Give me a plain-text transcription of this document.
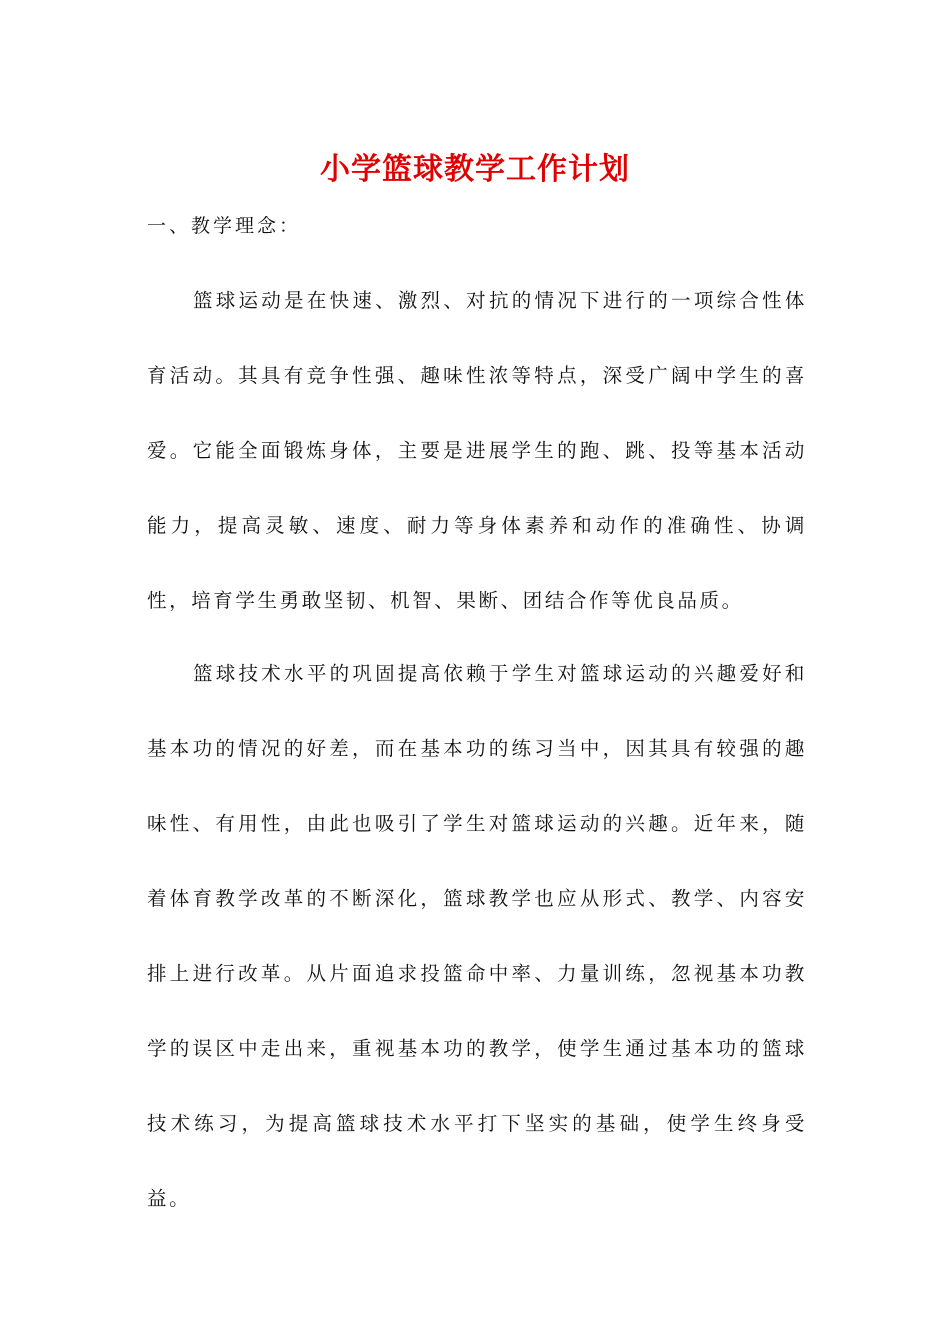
小学篮球教学工作计划

一、教学理念：

篮球运动是在快速、激烈、对抗的情况下进行的一项综合性体育活动。其具有竞争性强、趣味性浓等特点，深受广阔中学生的喜爱。它能全面锻炼身体，主要是进展学生的跑、跳、投等基本活动能力，提高灵敏、速度、耐力等身体素养和动作的准确性、协调性，培育学生勇敢坚韧、机智、果断、团结合作等优良品质。

篮球技术水平的巩固提高依赖于学生对篮球运动的兴趣爱好和基本功的情况的好差，而在基本功的练习当中，因其具有较强的趣味性、有用性，由此也吸引了学生对篮球运动的兴趣。近年来，随着体育教学改革的不断深化，篮球教学也应从形式、教学、内容安排上进行改革。从片面追求投篮命中率、力量训练，忽视基本功教学的误区中走出来，重视基本功的教学，使学生通过基本功的篮球技术练习，为提高篮球技术水平打下坚实的基础，使学生终身受益。
